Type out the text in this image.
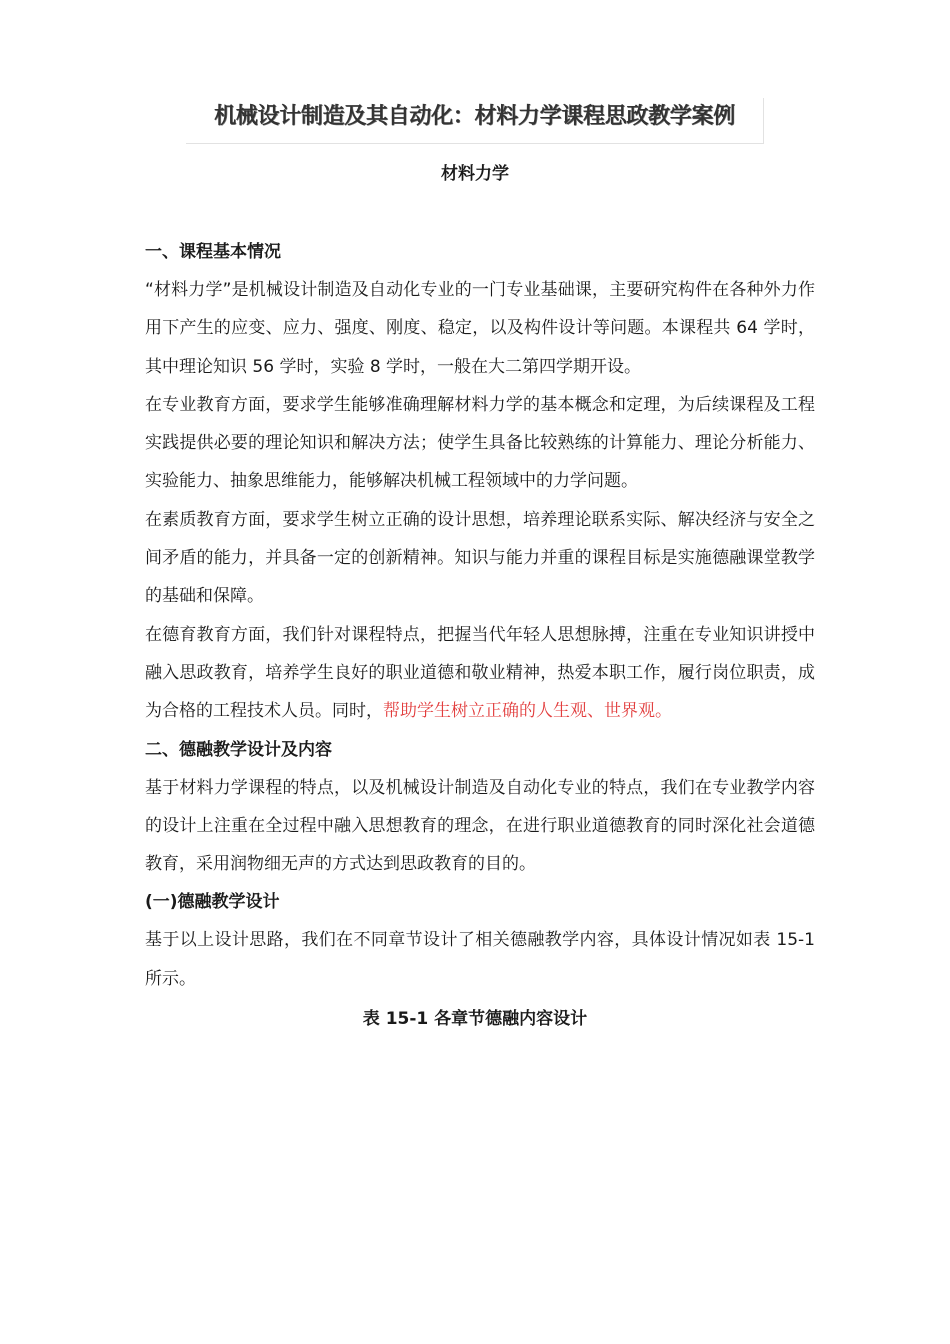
机械设计制造及其自动化：材料力学课程思政教学案例
材料力学
一、课程基本情况

“材料力学”是机械设计制造及自动化专业的一门专业基础课，主要研究构件在各种外力作用下产生的应变、应力、强度、刚度、稳定，以及构件设计等问题。本课程共 64 学时，其中理论知识 56 学时，实验 8 学时，一般在大二第四学期开设。

在专业教育方面，要求学生能够准确理解材料力学的基本概念和定理，为后续课程及工程实践提供必要的理论知识和解决方法；使学生具备比较熟练的计算能力、理论分析能力、实验能力、抽象思维能力，能够解决机械工程领域中的力学问题。

在素质教育方面，要求学生树立正确的设计思想，培养理论联系实际、解决经济与安全之间矛盾的能力，并具备一定的创新精神。知识与能力并重的课程目标是实施德融课堂教学的基础和保障。

在德育教育方面，我们针对课程特点，把握当代年轻人思想脉搏，注重在专业知识讲授中融入思政教育，培养学生良好的职业道德和敬业精神，热爱本职工作，履行岗位职责，成为合格的工程技术人员。同时，帮助学生树立正确的人生观、世界观。

二、德融教学设计及内容

基于材料力学课程的特点，以及机械设计制造及自动化专业的特点，我们在专业教学内容的设计上注重在全过程中融入思想教育的理念，在进行职业道德教育的同时深化社会道德教育，采用润物细无声的方式达到思政教育的目的。

(一)德融教学设计

基于以上设计思路，我们在不同章节设计了相关德融教学内容，具体设计情况如表 15-1 所示。

表 15-1 各章节德融内容设计
